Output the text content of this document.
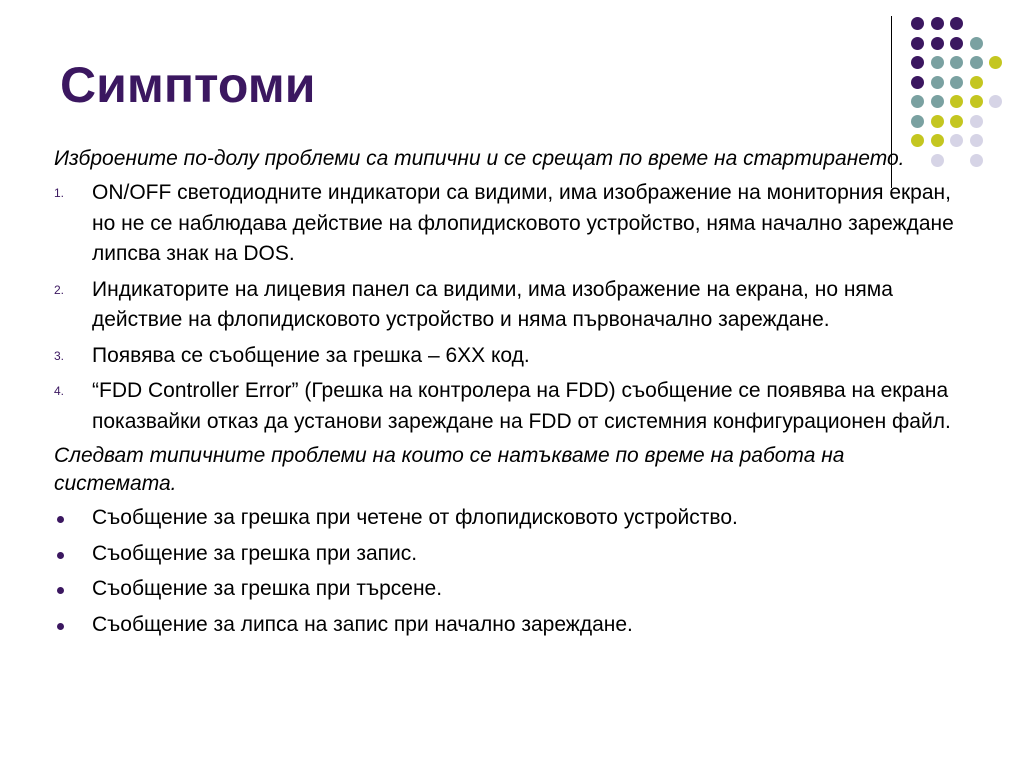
Симптоми

Изброените по-долу проблеми са типични и се срещат по време на стартирането.

1. ON/OFF светодиодните индикатори са видими, има изображение на мониторния екран, но не се наблюдава действие на флопидисковото устройство, няма начално зареждане липсва знак на DOS.
2. Индикаторите на лицевия панел са видими, има изображение на екрана, но няма действие на флопидисковото устройство и няма първоначално зареждане.
3. Появява се съобщение за грешка – 6XX код.
4. “FDD Controller Error” (Грешка на контролера на FDD) съобщение се появява на екрана показвайки отказ да установи зареждане на FDD от системния конфигурационен файл.

Следват типичните проблеми на които се натъкваме по време на работа на системата.

Съобщение за грешка при четене от флопидисковото устройство.
Съобщение за грешка при запис.
Съобщение за грешка при търсене.
Съобщение за липса на запис при начално зареждане.
